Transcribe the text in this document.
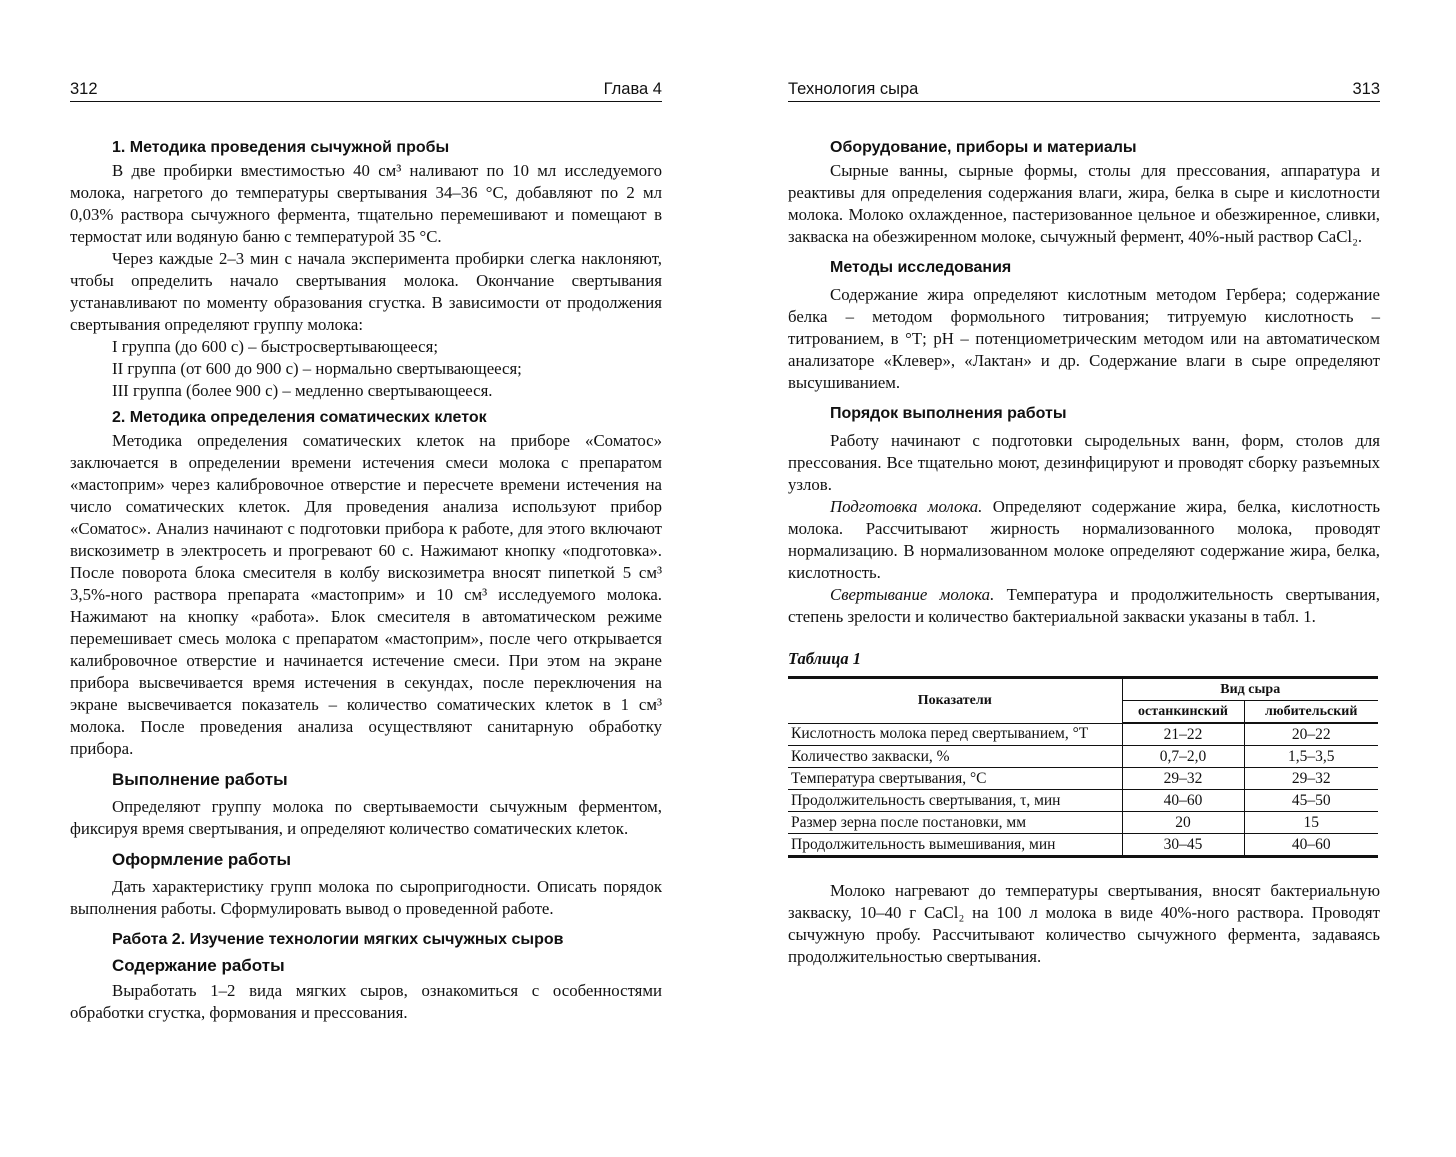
312	Глава 4
1. Методика проведения сычужной пробы

В две пробирки вместимостью 40 см³ наливают по 10 мл исследуемого молока, нагретого до температуры свертывания 34–36 °С, добавляют по 2 мл 0,03% раствора сычужного фермента, тщательно перемешивают и помещают в термостат или водяную баню с температурой 35 °С.

Через каждые 2–3 мин с начала эксперимента пробирки слегка наклоняют, чтобы определить начало свертывания молока. Окончание свертывания устанавливают по моменту образования сгустка. В зависимости от продолжения свертывания определяют группу молока:

I группа (до 600 с) – быстросвертывающееся;

II группа (от 600 до 900 с) – нормально свертывающееся;

III группа (более 900 с) – медленно свертывающееся.

2. Методика определения соматических клеток

Методика определения соматических клеток на приборе «Соматос» заключается в определении времени истечения смеси молока с препаратом «мастоприм» через калибровочное отверстие и пересчете времени истечения на число соматических клеток. Для проведения анализа используют прибор «Соматос». Анализ начинают с подготовки прибора к работе, для этого включают вискозиметр в электросеть и прогревают 60 с. Нажимают кнопку «подготовка». После поворота блока смесителя в колбу вискозиметра вносят пипеткой 5 см³ 3,5%-ного раствора препарата «мастоприм» и 10 см³ исследуемого молока. Нажимают на кнопку «работа». Блок смесителя в автоматическом режиме перемешивает смесь молока с препаратом «мастоприм», после чего открывается калибровочное отверстие и начинается истечение смеси. При этом на экране прибора высвечивается время истечения в секундах, после переключения на экране высвечивается показатель – количество соматических клеток в 1 см³ молока. После проведения анализа осуществляют санитарную обработку прибора.

Выполнение работы

Определяют группу молока по свертываемости сычужным ферментом, фиксируя время свертывания, и определяют количество соматических клеток.

Оформление работы

Дать характеристику групп молока по сыропригодности. Описать порядок выполнения работы. Сформулировать вывод о проведенной работе.

Работа 2. Изучение технологии мягких сычужных сыров
Содержание работы

Выработать 1–2 вида мягких сыров, ознакомиться с особенностями обработки сгустка, формования и прессования.

Технология сыра	313
Оборудование, приборы и материалы

Сырные ванны, сырные формы, столы для прессования, аппаратура и реактивы для определения содержания влаги, жира, белка в сыре и кислотности молока. Молоко охлажденное, пастеризованное цельное и обезжиренное, сливки, закваска на обезжиренном молоке, сычужный фермент, 40%-ный раствор CaCl₂.

Методы исследования

Содержание жира определяют кислотным методом Гербера; содержание белка – методом формольного титрования; титруемую кислотность – титрованием, в °Т; рН – потенциометрическим методом или на автоматическом анализаторе «Клевер», «Лактан» и др. Содержание влаги в сыре определяют высушиванием.

Порядок выполнения работы

Работу начинают с подготовки сыродельных ванн, форм, столов для прессования. Все тщательно моют, дезинфицируют и проводят сборку разъемных узлов.

Подготовка молока. Определяют содержание жира, белка, кислотность молока. Рассчитывают жирность нормализованного молока, проводят нормализацию. В нормализованном молоке определяют содержание жира, белка, кислотность.

Свертывание молока. Температура и продолжительность свертывания, степень зрелости и количество бактериальной закваски указаны в табл. 1.

Таблица 1
Показатели	Вид сыра	
	останкинский	любительский
Кислотность молока перед свертыванием, °Т	21–22	20–22
Количество закваски, %	0,7–2,0	1,5–3,5
Температура свертывания, °С	29–32	29–32
Продолжительность свертывания, τ, мин	40–60	45–50
Размер зерна после постановки, мм	20	15
Продолжительность вымешивания, мин	30–45	40–60

Молоко нагревают до температуры свертывания, вносят бактериальную закваску, 10–40 г CaCl₂ на 100 л молока в виде 40%-ного раствора. Проводят сычужную пробу. Рассчитывают количество сычужного фермента, задаваясь продолжительностью свертывания.
